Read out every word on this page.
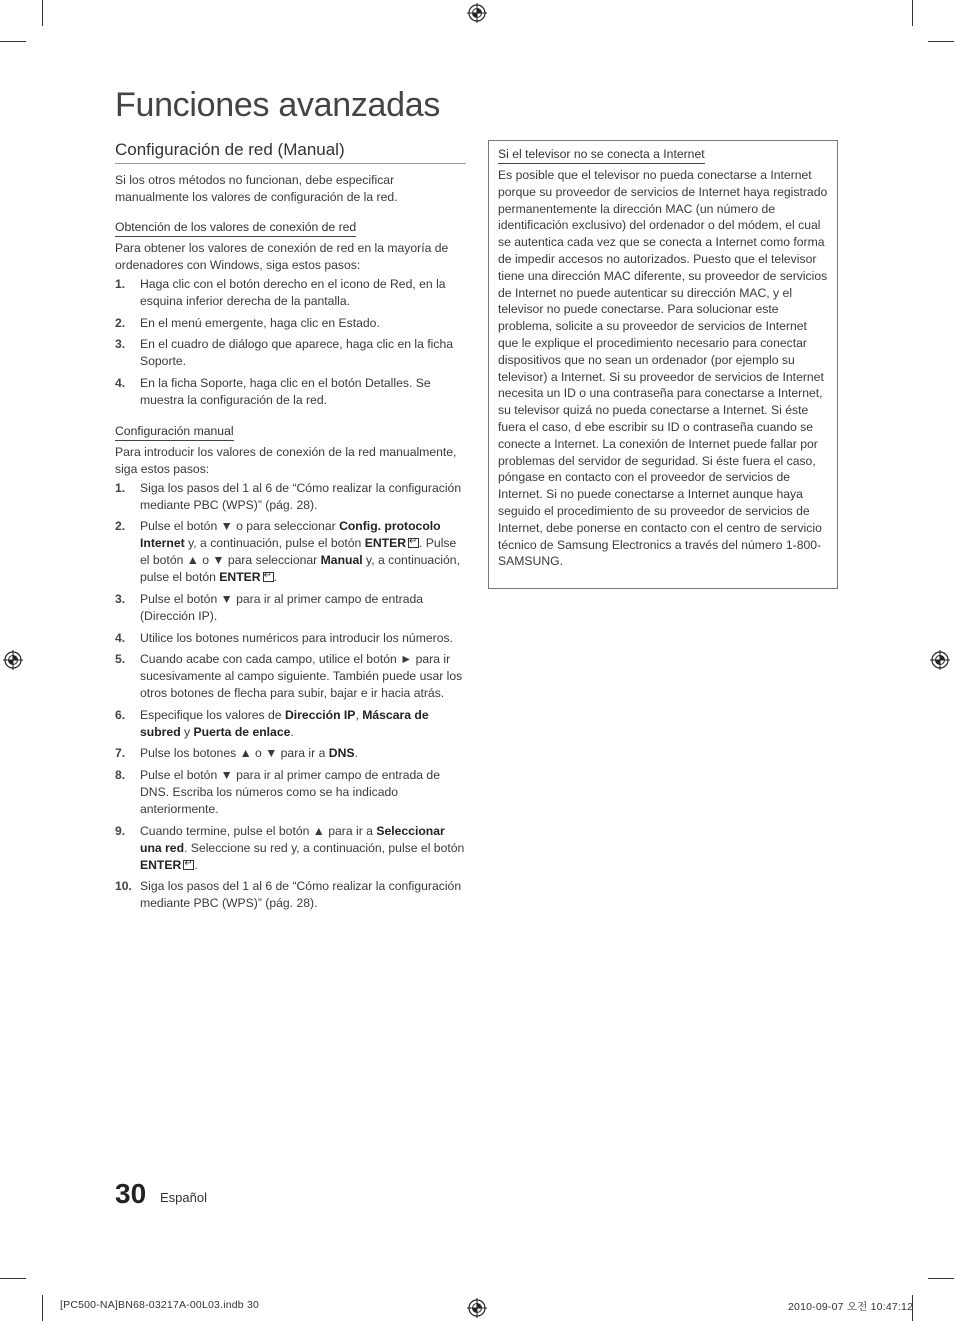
Funciones avanzadas
Configuración de red (Manual)

Si los otros métodos no funcionan, debe especificar manualmente los valores de configuración de la red.

Obtención de los valores de conexión de red

Para obtener los valores de conexión de red en la mayoría de ordenadores con Windows, siga estos pasos:

1. Haga clic con el botón derecho en el icono de Red, en la esquina inferior derecha de la pantalla.
2. En el menú emergente, haga clic en Estado.
3. En el cuadro de diálogo que aparece, haga clic en la ficha Soporte.
4. En la ficha Soporte, haga clic en el botón Detalles. Se muestra la configuración de la red.
Configuración manual

Para introducir los valores de conexión de la red manualmente, siga estos pasos:

1. Siga los pasos del 1 al 6 de “Cómo realizar la configuración mediante PBC (WPS)” (pág. 28).
2. Pulse el botón ▼ o para seleccionar Config. protocolo Internet y, a continuación, pulse el botón ENTER ↵ . Pulse el botón ▲ o ▼ para seleccionar Manual y, a continuación, pulse el botón ENTER ↵ .
3. Pulse el botón ▼ para ir al primer campo de entrada (Dirección IP).
4. Utilice los botones numéricos para introducir los números.
5. Cuando acabe con cada campo, utilice el botón ► para ir sucesivamente al campo siguiente. También puede usar los otros botones de flecha para subir, bajar e ir hacia atrás.
6. Especifique los valores de Dirección IP, Máscara de subred y Puerta de enlace.
7. Pulse los botones ▲ o ▼ para ir a DNS.
8. Pulse el botón ▼ para ir al primer campo de entrada de DNS. Escriba los números como se ha indicado anteriormente.
9. Cuando termine, pulse el botón ▲ para ir a Seleccionar una red. Seleccione su red y, a continuación, pulse el botón ENTER ↵ .
10. Siga los pasos del 1 al 6 de “Cómo realizar la configuración mediante PBC (WPS)” (pág. 28).
Si el televisor no se conecta a Internet

Es posible que el televisor no pueda conectarse a Internet porque su proveedor de servicios de Internet haya registrado permanentemente la dirección MAC (un número de identificación exclusivo) del ordenador o del módem, el cual se autentica cada vez que se conecta a Internet como forma de impedir accesos no autorizados. Puesto que el televisor tiene una dirección MAC diferente, su proveedor de servicios de Internet no puede autenticar su dirección MAC, y el televisor no puede conectarse. Para solucionar este problema, solicite a su proveedor de servicios de Internet que le explique el procedimiento necesario para conectar dispositivos que no sean un ordenador (por ejemplo su televisor) a Internet. Si su proveedor de servicios de Internet necesita un ID o una contraseña para conectarse a Internet, su televisor quizá no pueda conectarse a Internet. Si éste fuera el caso, d ebe escribir su ID o contraseña cuando se conecte a Internet. La conexión de Internet puede fallar por problemas del servidor de seguridad. Si éste fuera el caso, póngase en contacto con el proveedor de servicios de Internet. Si no puede conectarse a Internet aunque haya seguido el procedimiento de su proveedor de servicios de Internet, debe ponerse en contacto con el centro de servicio técnico de Samsung Electronics a través del número 1-800-SAMSUNG.

30 Español
[PC500-NA]BN68-03217A-00L03.indb 30	2010-09-07 오전 10:47:12
